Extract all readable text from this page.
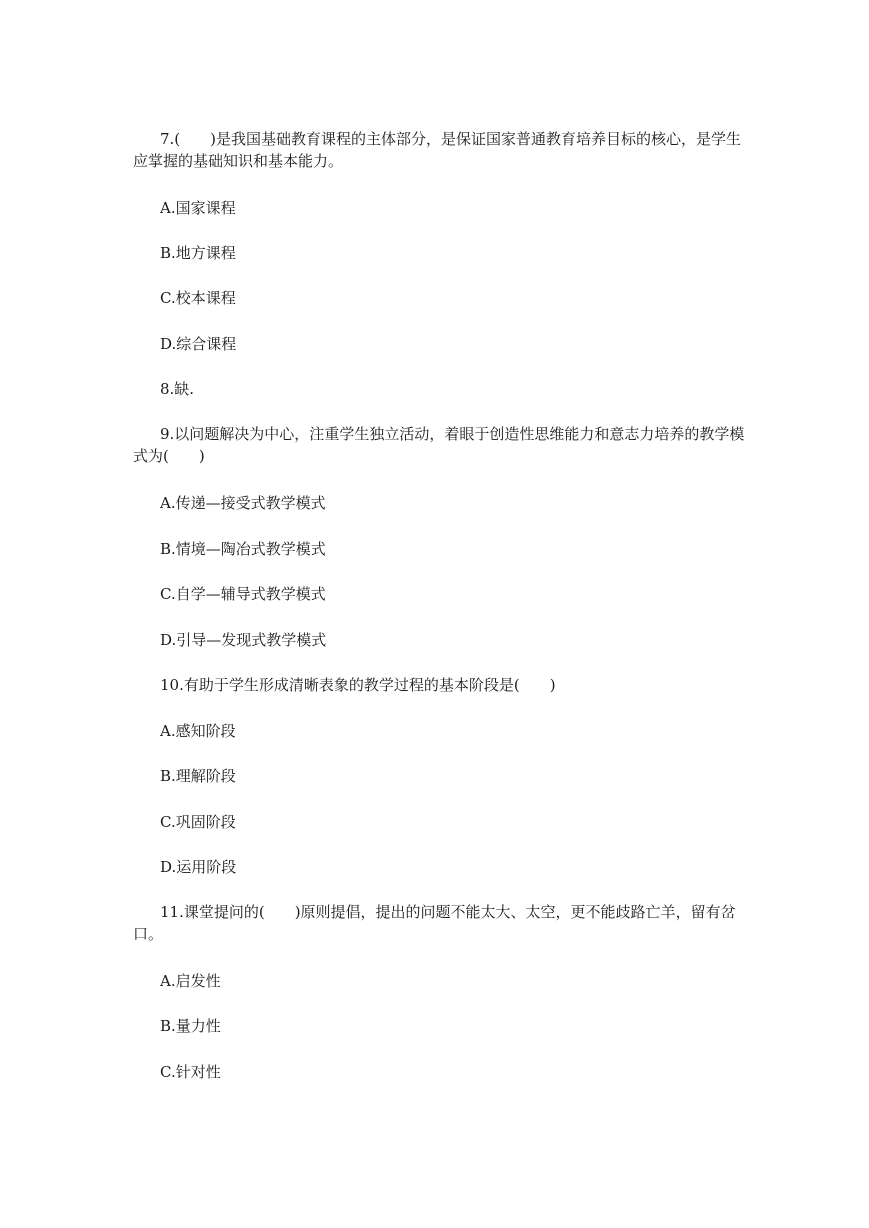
7.(　　)是我国基础教育课程的主体部分，是保证国家普通教育培养目标的核心，是学生应掌握的基础知识和基本能力。
A.国家课程
B.地方课程
C.校本课程
D.综合课程
8.缺.
9.以问题解决为中心，注重学生独立活动，着眼于创造性思维能力和意志力培养的教学模式为(　　)
A.传递—接受式教学模式
B.情境—陶冶式教学模式
C.自学—辅导式教学模式
D.引导—发现式教学模式
10.有助于学生形成清晰表象的教学过程的基本阶段是(　　)
A.感知阶段
B.理解阶段
C.巩固阶段
D.运用阶段
11.课堂提问的(　　)原则提倡，提出的问题不能太大、太空，更不能歧路亡羊，留有岔口。
A.启发性
B.量力性
C.针对性
